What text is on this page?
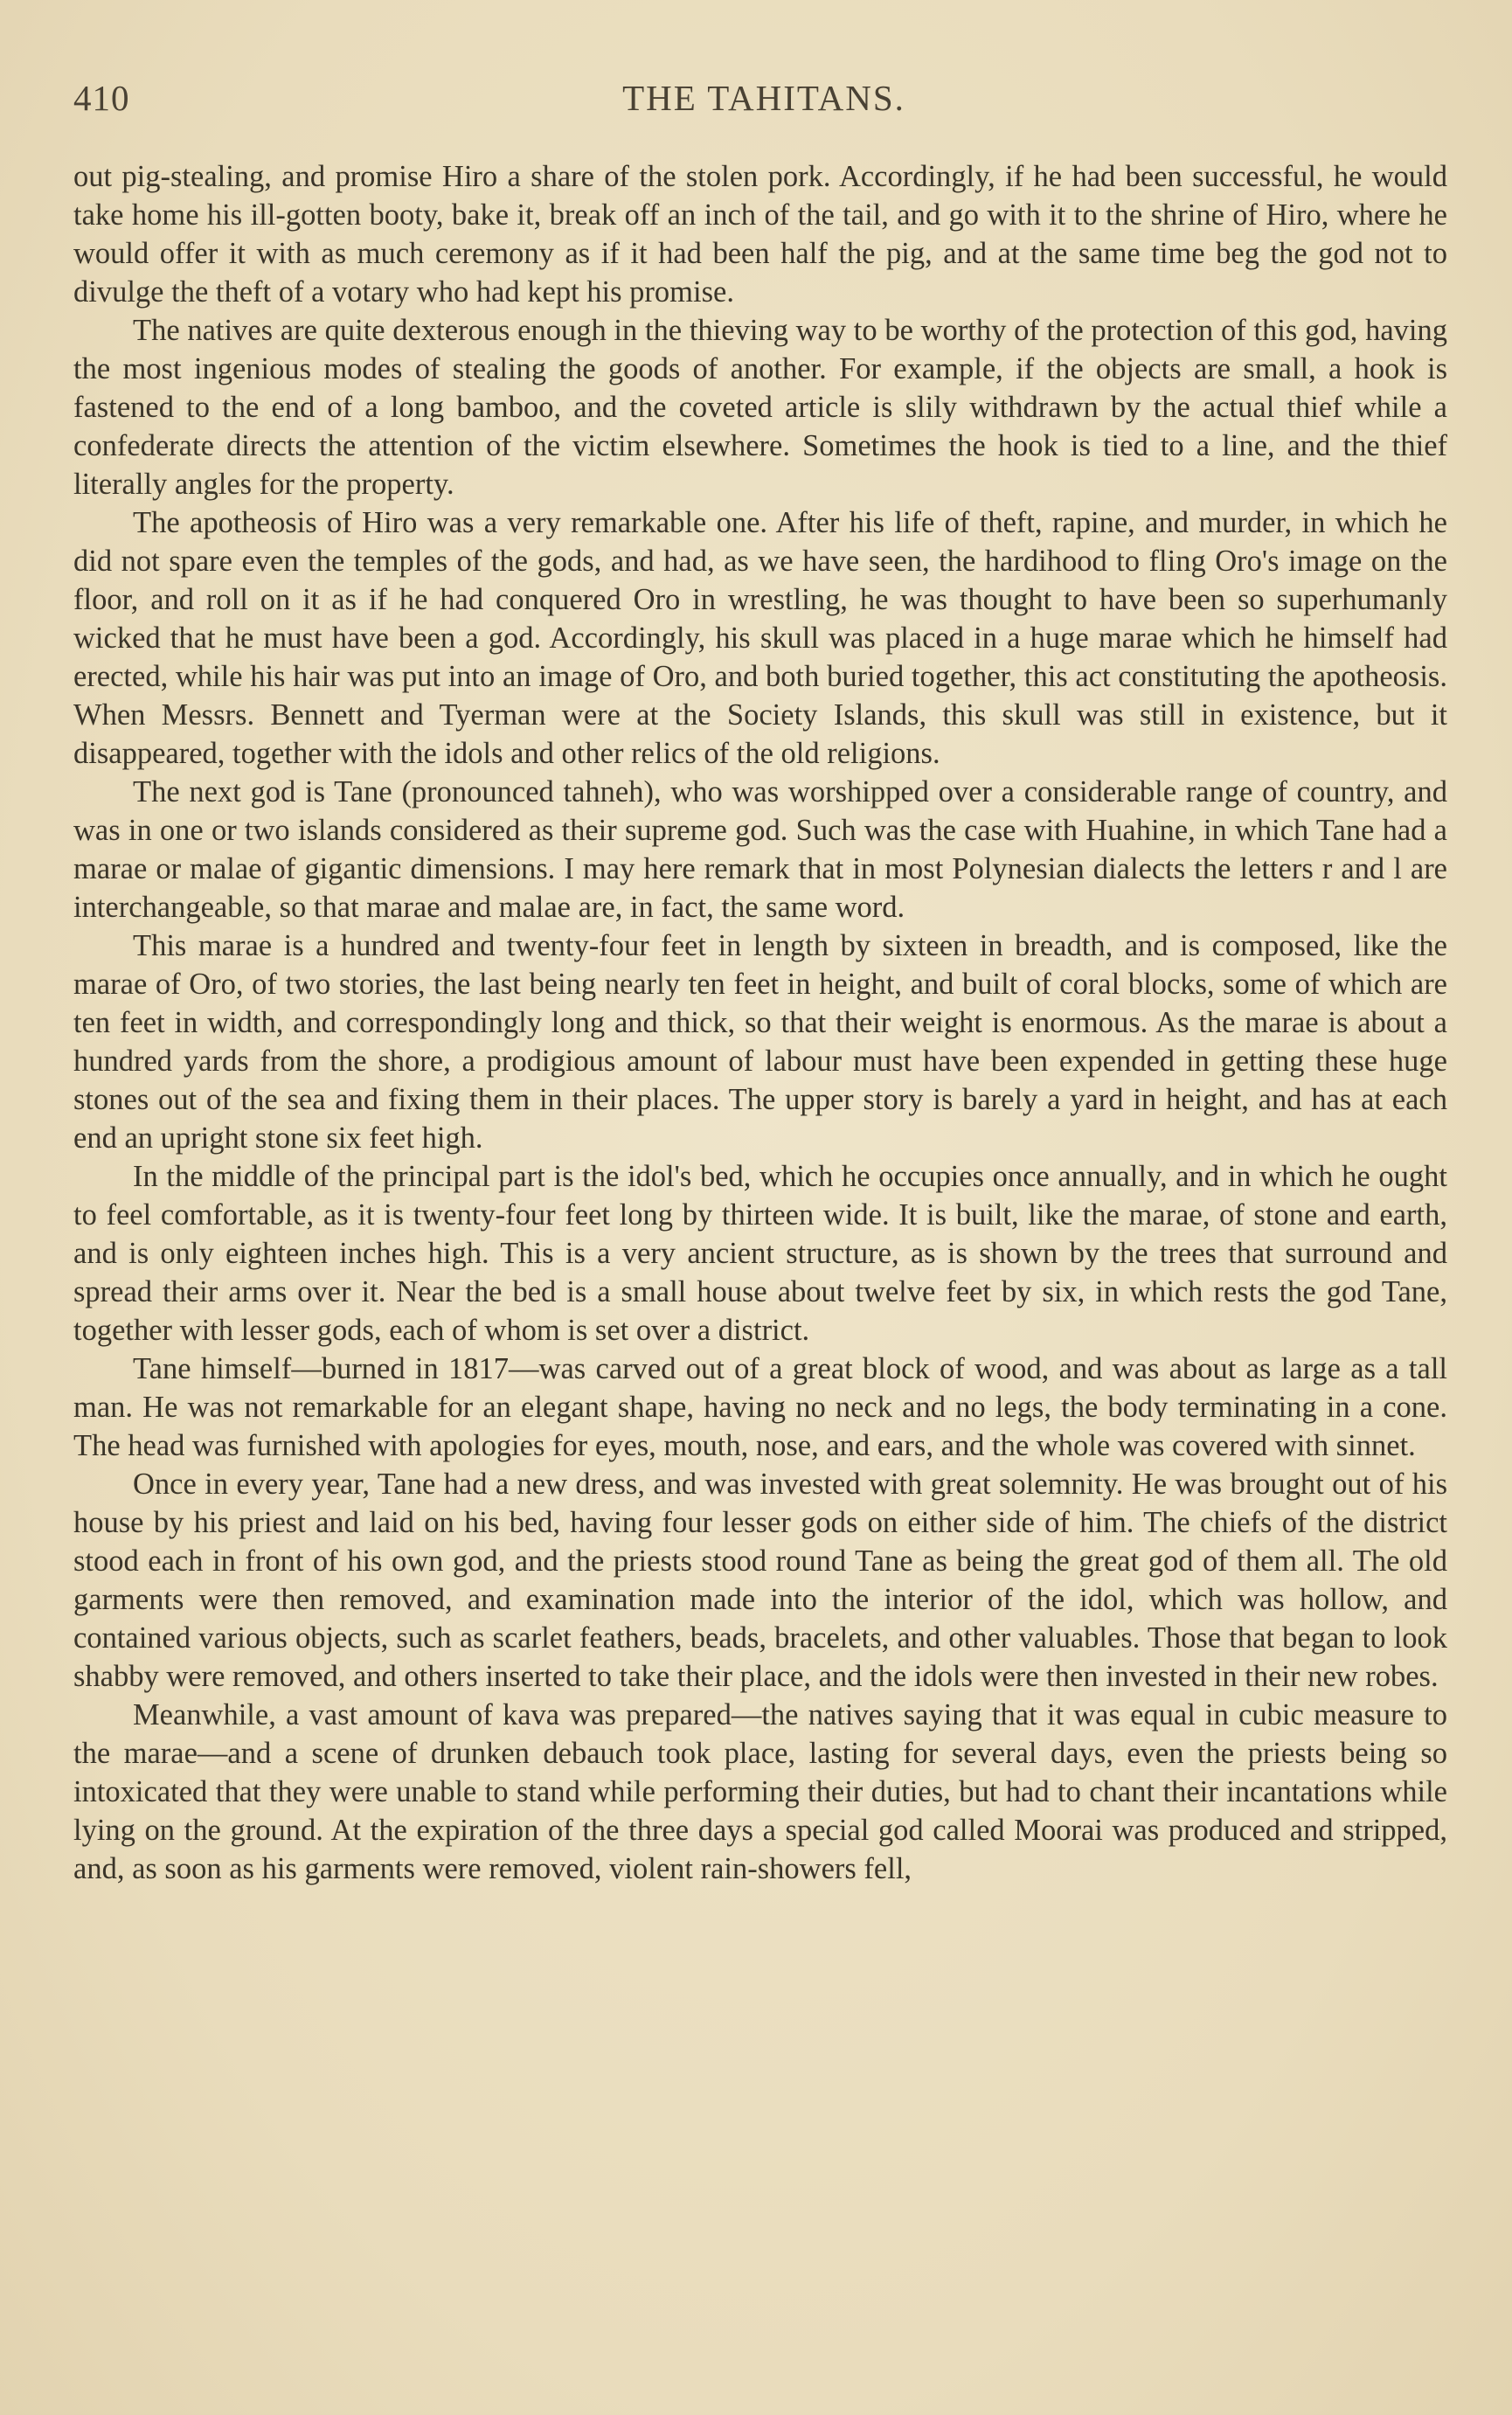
410	THE TAHITANS.

out pig-stealing, and promise Hiro a share of the stolen pork. Accordingly, if he had been successful, he would take home his ill-gotten booty, bake it, break off an inch of the tail, and go with it to the shrine of Hiro, where he would offer it with as much ceremony as if it had been half the pig, and at the same time beg the god not to divulge the theft of a votary who had kept his promise.

The natives are quite dexterous enough in the thieving way to be worthy of the protection of this god, having the most ingenious modes of stealing the goods of another. For example, if the objects are small, a hook is fastened to the end of a long bamboo, and the coveted article is slily withdrawn by the actual thief while a confederate directs the attention of the victim elsewhere. Sometimes the hook is tied to a line, and the thief literally angles for the property.

The apotheosis of Hiro was a very remarkable one. After his life of theft, rapine, and murder, in which he did not spare even the temples of the gods, and had, as we have seen, the hardihood to fling Oro's image on the floor, and roll on it as if he had conquered Oro in wrestling, he was thought to have been so superhumanly wicked that he must have been a god. Accordingly, his skull was placed in a huge marae which he himself had erected, while his hair was put into an image of Oro, and both buried together, this act constituting the apotheosis. When Messrs. Bennett and Tyerman were at the Society Islands, this skull was still in existence, but it disappeared, together with the idols and other relics of the old religions.

The next god is Tane (pronounced tahneh), who was worshipped over a considerable range of country, and was in one or two islands considered as their supreme god. Such was the case with Huahine, in which Tane had a marae or malae of gigantic dimensions. I may here remark that in most Polynesian dialects the letters r and l are interchangeable, so that marae and malae are, in fact, the same word.

This marae is a hundred and twenty-four feet in length by sixteen in breadth, and is composed, like the marae of Oro, of two stories, the last being nearly ten feet in height, and built of coral blocks, some of which are ten feet in width, and correspondingly long and thick, so that their weight is enormous. As the marae is about a hundred yards from the shore, a prodigious amount of labour must have been expended in getting these huge stones out of the sea and fixing them in their places. The upper story is barely a yard in height, and has at each end an upright stone six feet high.

In the middle of the principal part is the idol's bed, which he occupies once annually, and in which he ought to feel comfortable, as it is twenty-four feet long by thirteen wide. It is built, like the marae, of stone and earth, and is only eighteen inches high. This is a very ancient structure, as is shown by the trees that surround and spread their arms over it. Near the bed is a small house about twelve feet by six, in which rests the god Tane, together with lesser gods, each of whom is set over a district.

Tane himself—burned in 1817—was carved out of a great block of wood, and was about as large as a tall man. He was not remarkable for an elegant shape, having no neck and no legs, the body terminating in a cone. The head was furnished with apologies for eyes, mouth, nose, and ears, and the whole was covered with sinnet.

Once in every year, Tane had a new dress, and was invested with great solemnity. He was brought out of his house by his priest and laid on his bed, having four lesser gods on either side of him. The chiefs of the district stood each in front of his own god, and the priests stood round Tane as being the great god of them all. The old garments were then removed, and examination made into the interior of the idol, which was hollow, and contained various objects, such as scarlet feathers, beads, bracelets, and other valuables. Those that began to look shabby were removed, and others inserted to take their place, and the idols were then invested in their new robes.

Meanwhile, a vast amount of kava was prepared—the natives saying that it was equal in cubic measure to the marae—and a scene of drunken debauch took place, lasting for several days, even the priests being so intoxicated that they were unable to stand while performing their duties, but had to chant their incantations while lying on the ground. At the expiration of the three days a special god called Moorai was produced and stripped, and, as soon as his garments were removed, violent rain-showers fell,
